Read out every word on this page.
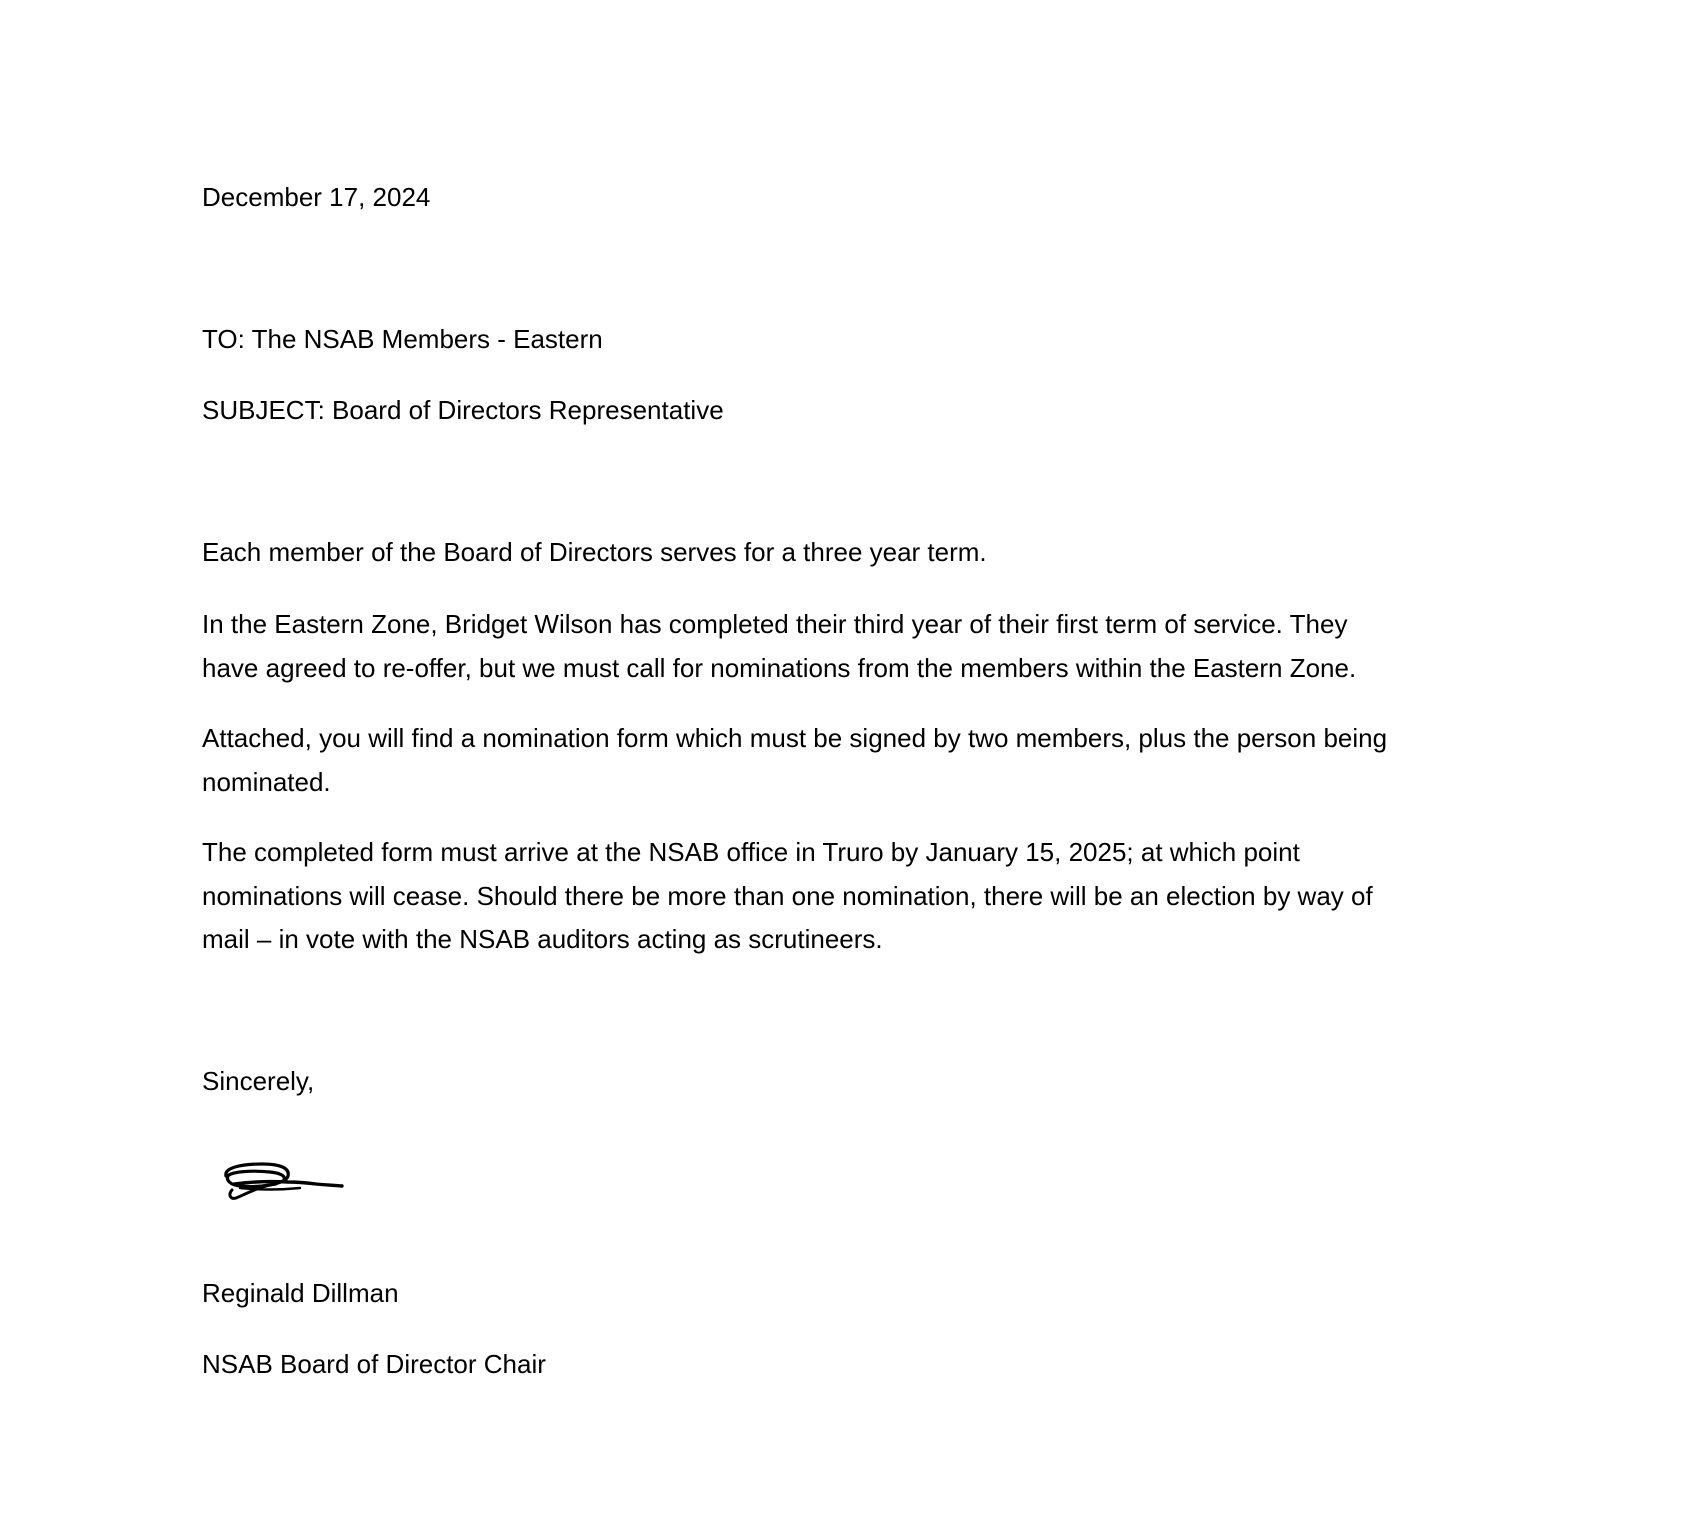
December 17, 2024

TO: The NSAB Members - Eastern

SUBJECT: Board of Directors Representative

Each member of the Board of Directors serves for a three year term.
In the Eastern Zone, Bridget Wilson has completed their third year of their first term of service. They
have agreed to re-offer, but we must call for nominations from the members within the Eastern Zone.
Attached, you will find a nomination form which must be signed by two members, plus the person being
nominated.
The completed form must arrive at the NSAB office in Truro by January 15, 2025; at which point
nominations will cease. Should there be more than one nomination, there will be an election by way of
mail – in vote with the NSAB auditors acting as scrutineers.

Sincerely,

Reginald Dillman

NSAB Board of Director Chair
